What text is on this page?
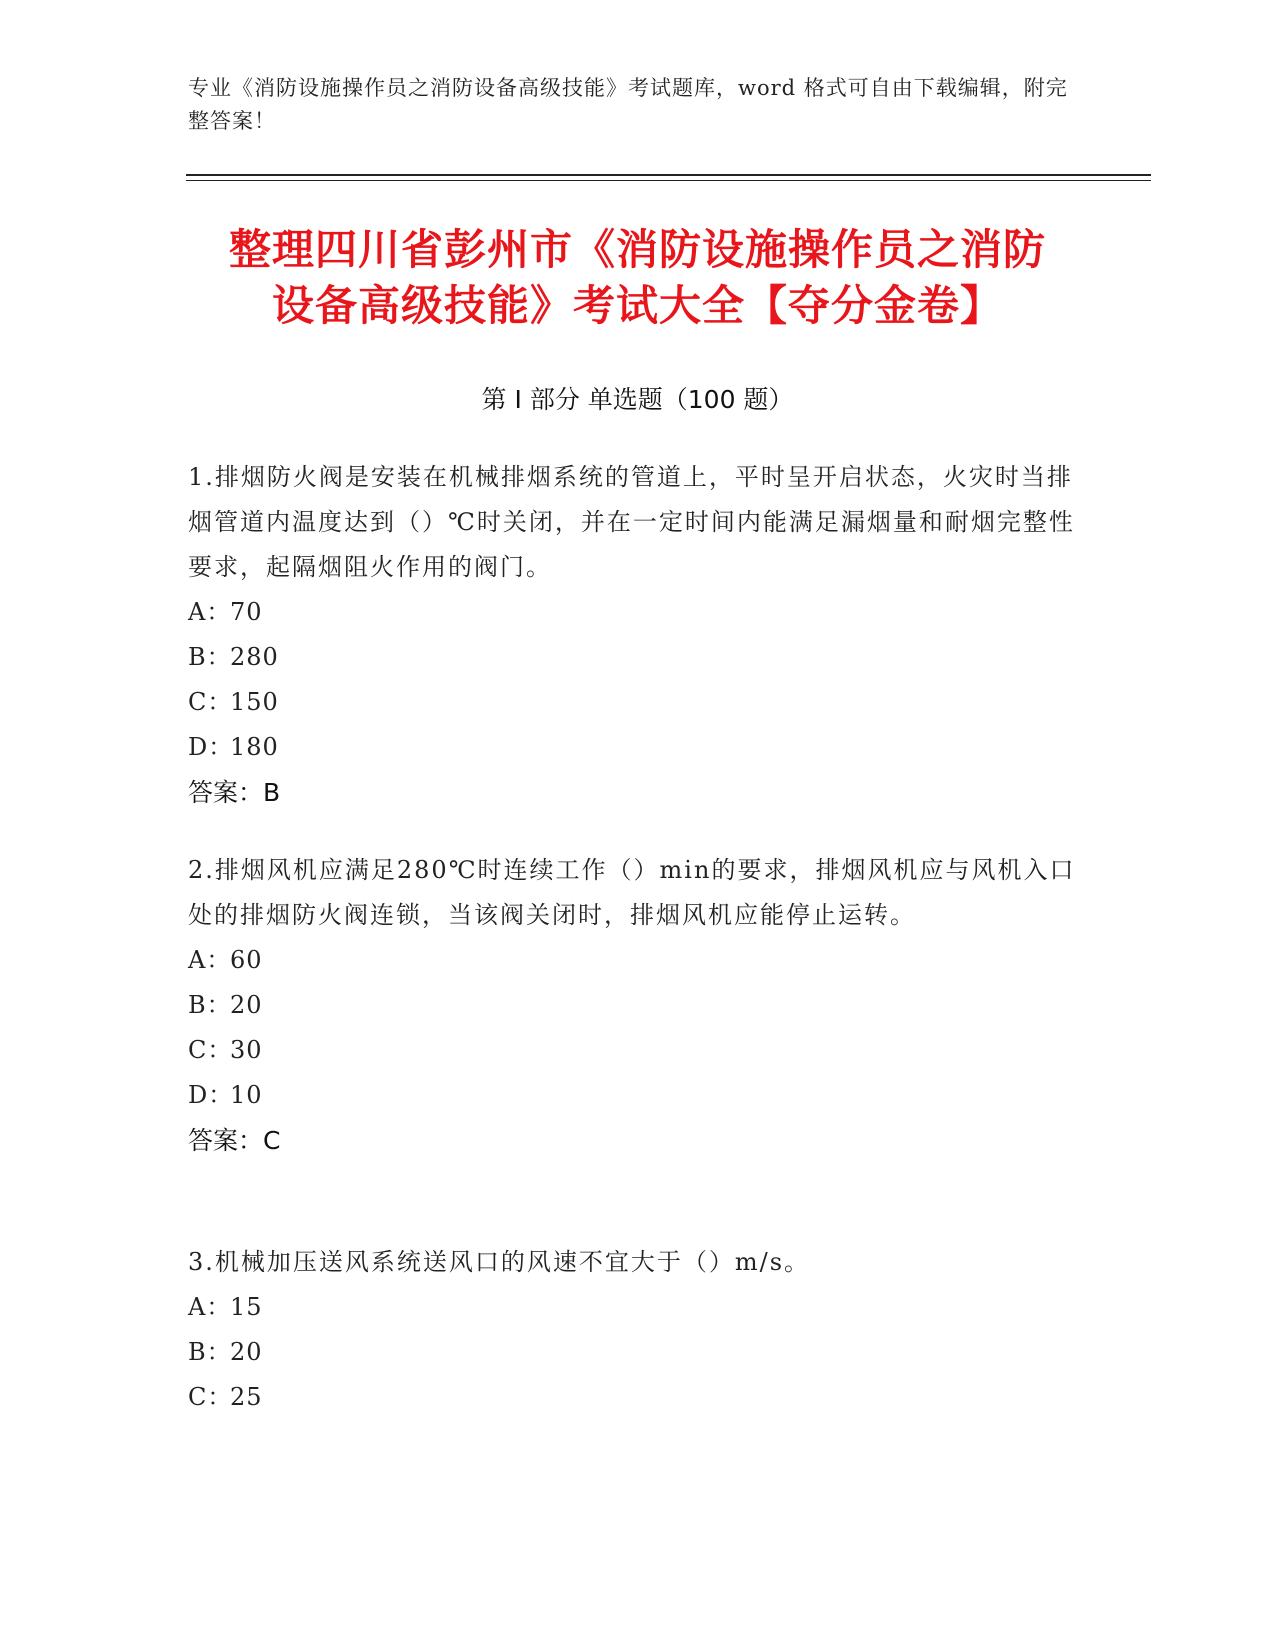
专业《消防设施操作员之消防设备高级技能》考试题库，word 格式可自由下载编辑，附完整答案！
整理四川省彭州市《消防设施操作员之消防
设备高级技能》考试大全【夺分金卷】
第 I 部分 单选题（100 题）
1.排烟防火阀是安装在机械排烟系统的管道上，平时呈开启状态，火灾时当排烟管道内温度达到（）℃时关闭，并在一定时间内能满足漏烟量和耐烟完整性要求，起隔烟阻火作用的阀门。
A：70
B：280
C：150
D：180
答案：B
2.排烟风机应满足280℃时连续工作（）min的要求，排烟风机应与风机入口处的排烟防火阀连锁，当该阀关闭时，排烟风机应能停止运转。
A：60
B：20
C：30
D：10
答案：C
3.机械加压送风系统送风口的风速不宜大于（）m/s。
A：15
B：20
C：25
